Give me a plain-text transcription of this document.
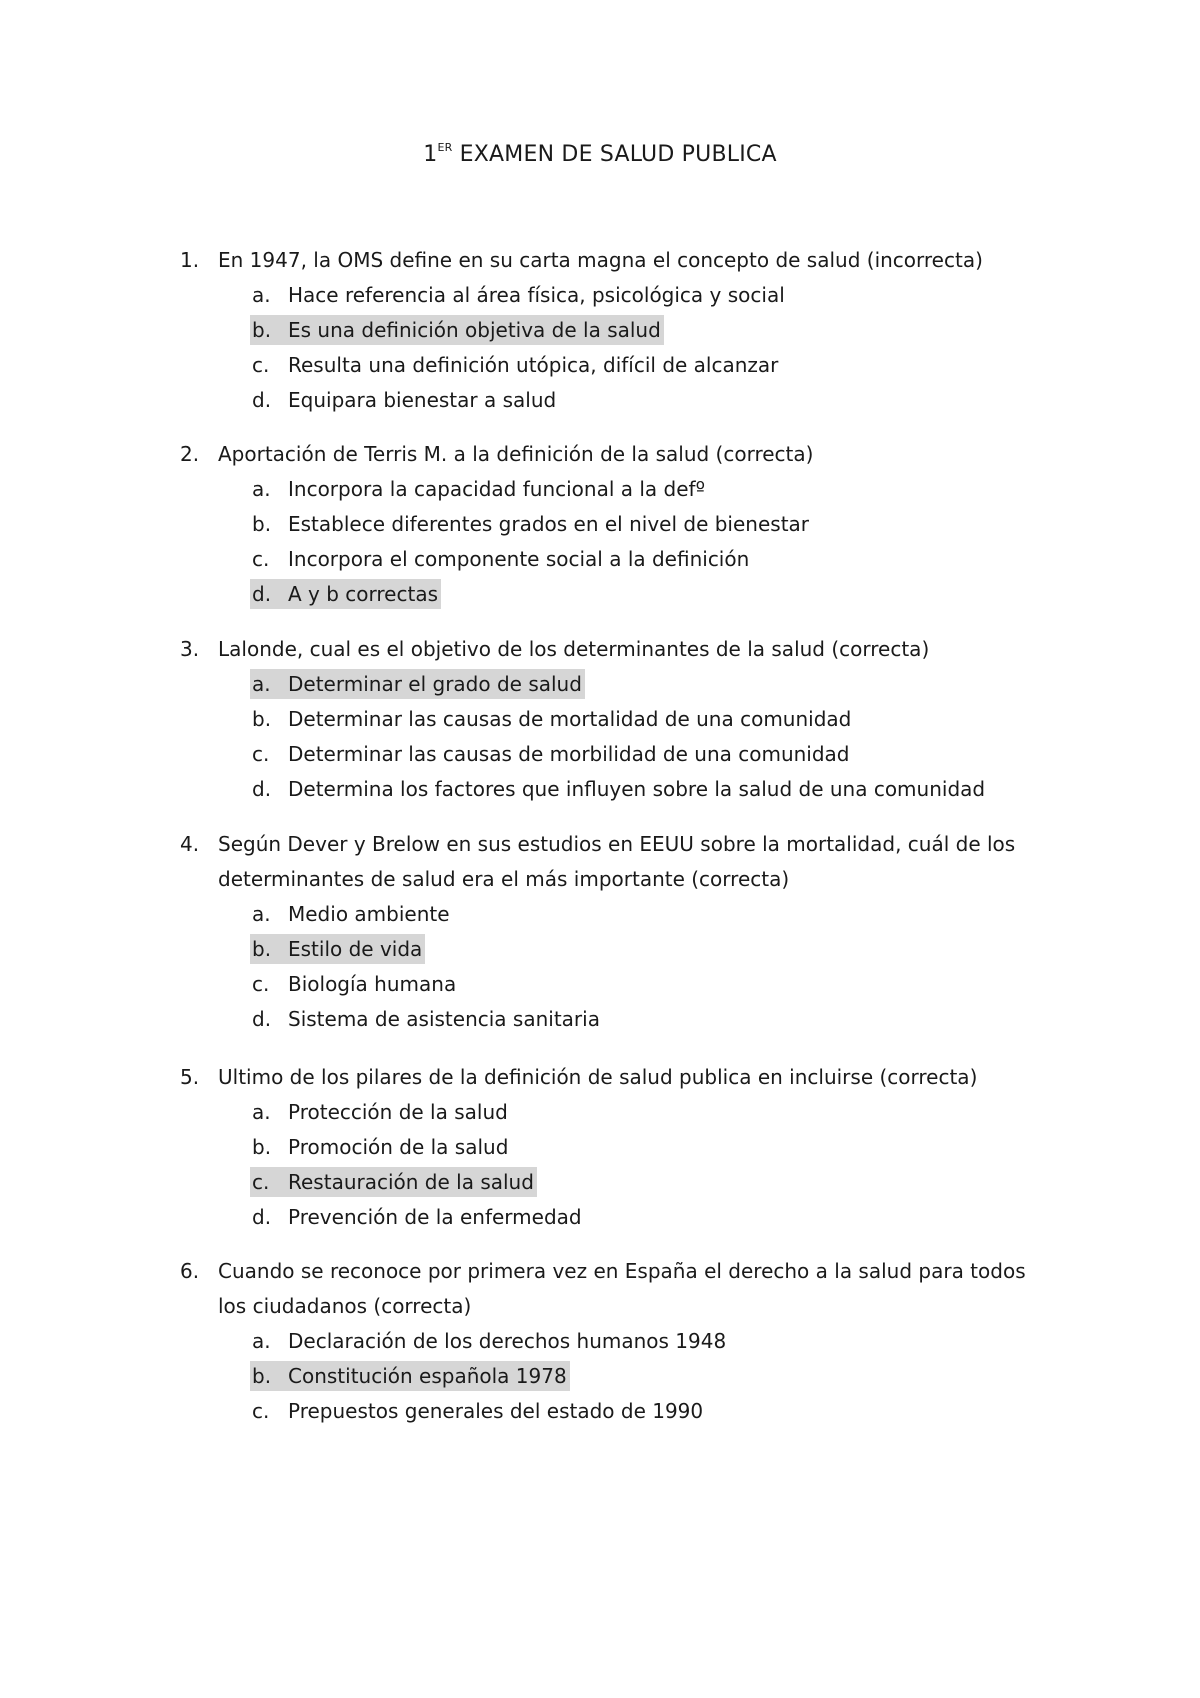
1ER EXAMEN DE SALUD PUBLICA
1. En 1947, la OMS define en su carta magna el concepto de salud (incorrecta)
a. Hace referencia al área física, psicológica y social
b. Es una definición objetiva de la salud
c. Resulta una definición utópica, difícil de alcanzar
d. Equipara bienestar a salud
2. Aportación de Terris M. a la definición de la salud (correcta)
a. Incorpora la capacidad funcional a la defº
b. Establece diferentes grados en el nivel de bienestar
c. Incorpora el componente social a la definición
d. A y b correctas
3. Lalonde, cual es el objetivo de los determinantes de la salud (correcta)
a. Determinar el grado de salud
b. Determinar las causas de mortalidad de una comunidad
c. Determinar las causas de morbilidad de una comunidad
d. Determina los factores que influyen sobre la salud de una comunidad
4. Según Dever y Brelow en sus estudios en EEUU sobre la mortalidad, cuál de los determinantes de salud era el más importante (correcta)
a. Medio ambiente
b. Estilo de vida
c. Biología humana
d. Sistema de asistencia sanitaria
5. Ultimo de los pilares de la definición de salud publica en incluirse (correcta)
a. Protección de la salud
b. Promoción de la salud
c. Restauración de la salud
d. Prevención de la enfermedad
6. Cuando se reconoce por primera vez en España el derecho a la salud para todos los ciudadanos (correcta)
a. Declaración de los derechos humanos 1948
b. Constitución española 1978
c. Prepuestos generales del estado de 1990
